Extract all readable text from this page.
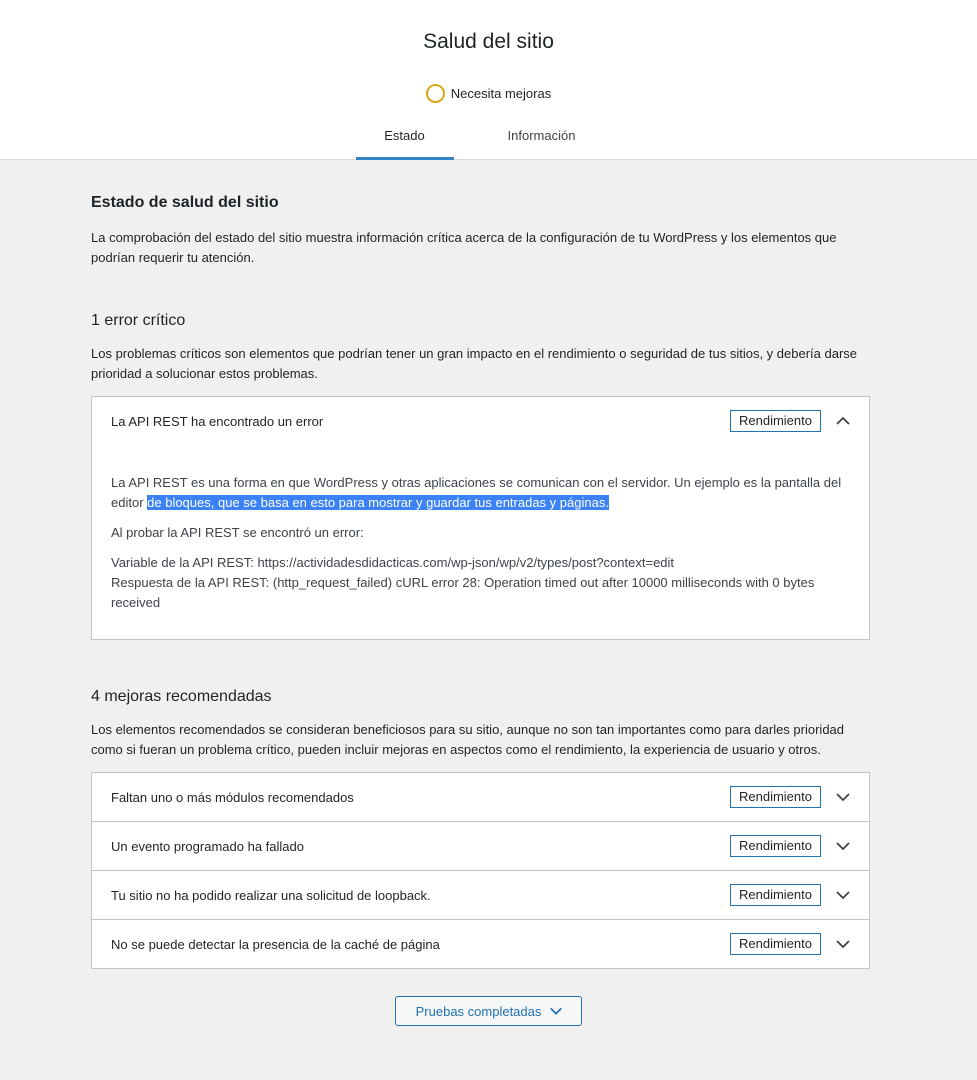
Salud del sitio
Necesita mejoras
Estado	Información
Estado de salud del sitio

La comprobación del estado del sitio muestra información crítica acerca de la configuración de tu WordPress y los elementos que podrían requerir tu atención.

1 error crítico

Los problemas críticos son elementos que podrían tener un gran impacto en el rendimiento o seguridad de tus sitios, y debería darse prioridad a solucionar estos problemas.

La API REST ha encontrado un error	Rendimiento

La API REST es una forma en que WordPress y otras aplicaciones se comunican con el servidor. Un ejemplo es la pantalla del editor de bloques, que se basa en esto para mostrar y guardar tus entradas y páginas.

Al probar la API REST se encontró un error:

Variable de la API REST: https://actividadesdidacticas.com/wp-json/wp/v2/types/post?context=edit
Respuesta de la API REST: (http_request_failed) cURL error 28: Operation timed out after 10000 milliseconds with 0 bytes received

4 mejoras recomendadas

Los elementos recomendados se consideran beneficiosos para su sitio, aunque no son tan importantes como para darles prioridad como si fueran un problema crítico, pueden incluir mejoras en aspectos como el rendimiento, la experiencia de usuario y otros.

Faltan uno o más módulos recomendados	Rendimiento
Un evento programado ha fallado	Rendimiento
Tu sitio no ha podido realizar una solicitud de loopback.	Rendimiento
No se puede detectar la presencia de la caché de página	Rendimiento
Pruebas completadas
